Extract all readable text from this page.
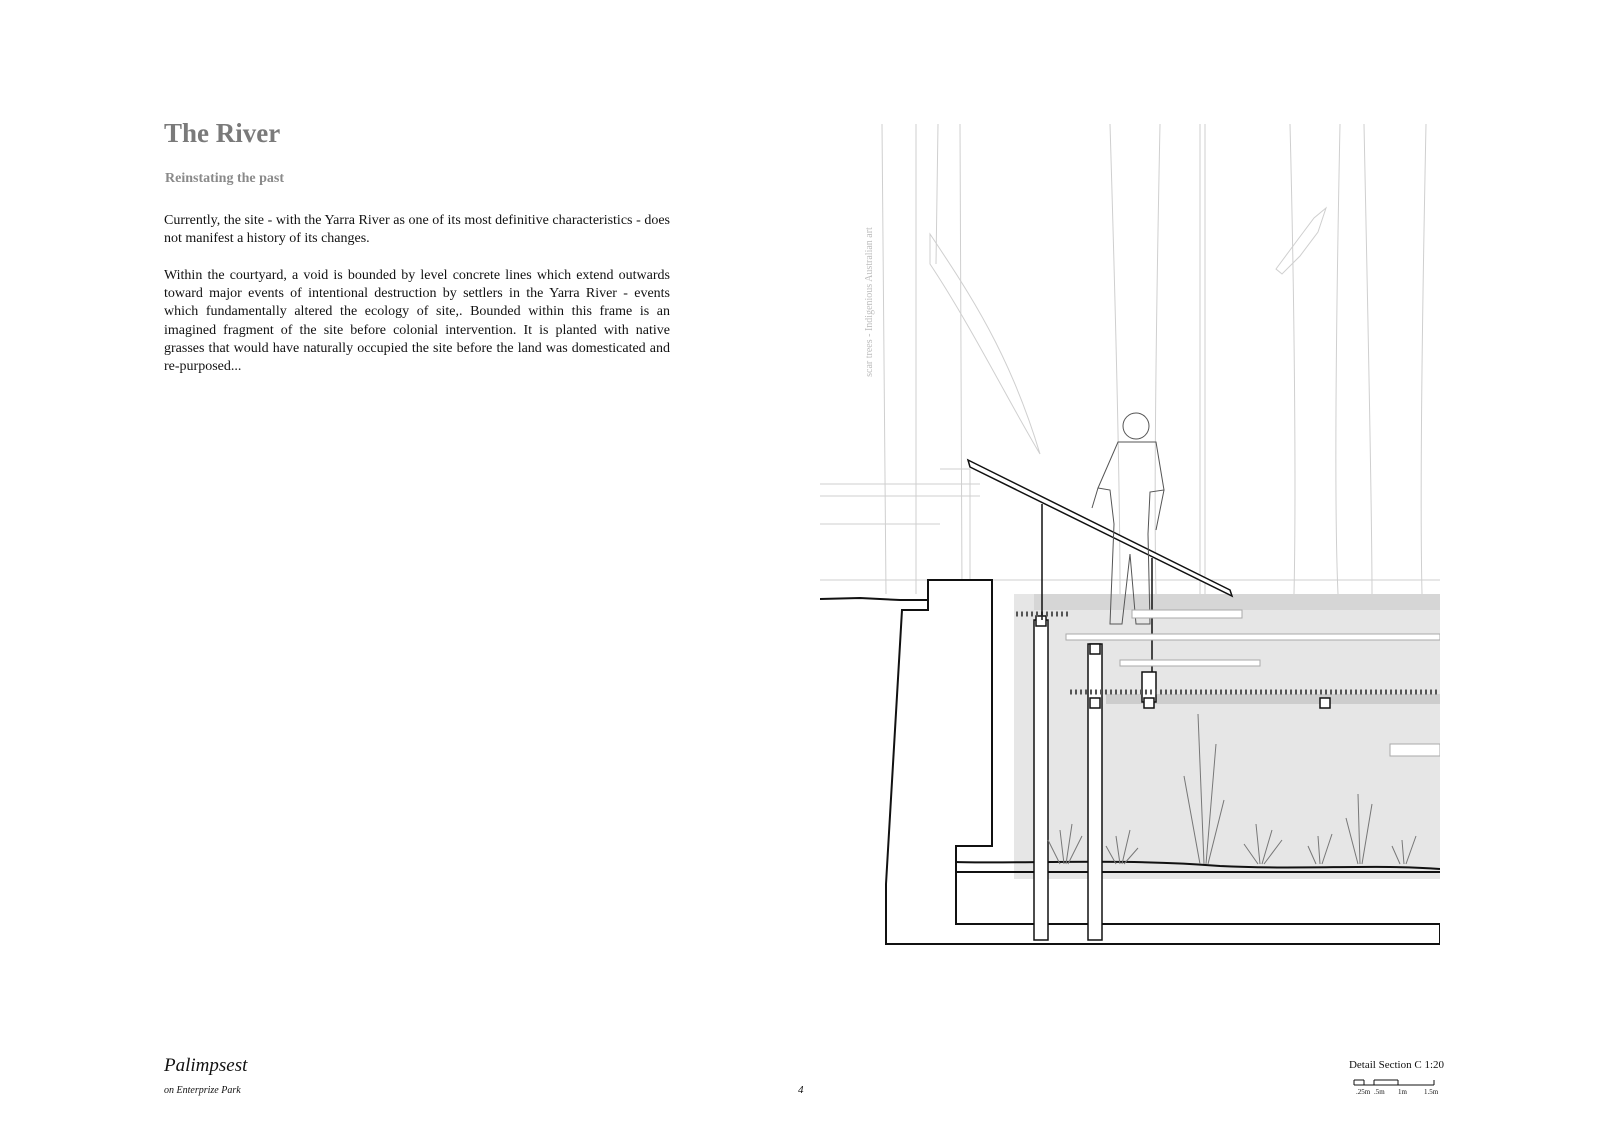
The River
Reinstating the past

Currently, the site - with the Yarra River as one of its most definitive characteristics - does not manifest a history of its changes.

Within the courtyard, a void is bounded by level concrete lines which extend outwards toward major events of intentional destruction by settlers in the Yarra River - events which fundamentally altered the ecology of site,. Bounded within this frame is an imagined fragment of the site before colonial intervention. It is planted with native grasses that would have naturally occupied the site before the land was domesticated and re-purposed...	scar trees - Indigenious Australian art

Palimpsest

on Enterprize Park	4

Detail Section C 1:20

.25m .5m 1m 1.5m
